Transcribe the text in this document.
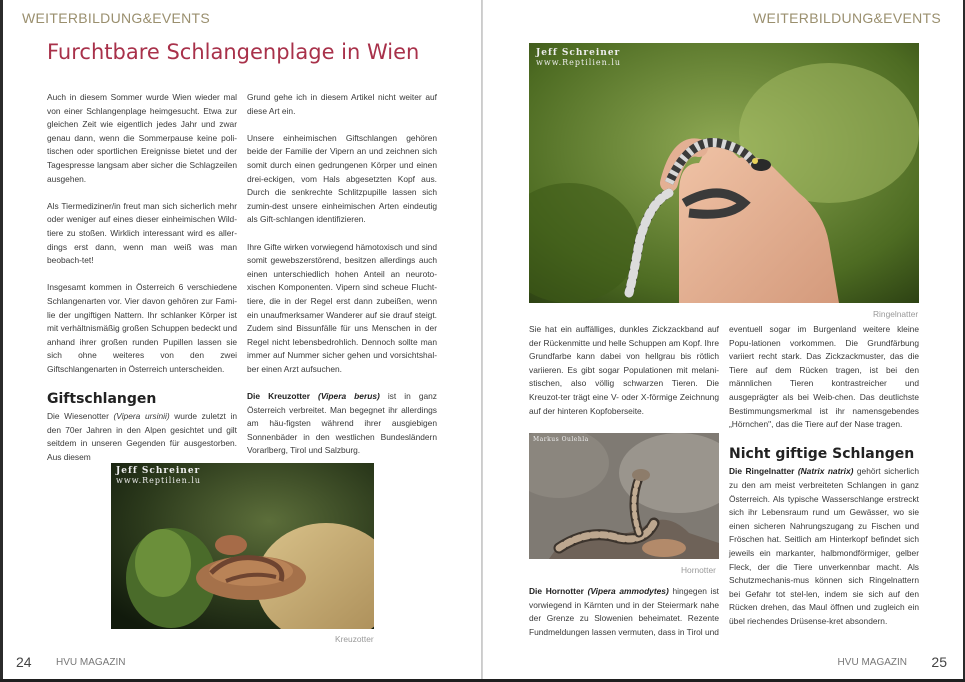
WEITERBILDUNG&EVENTS	WEITERBILDUNG&EVENTS
Furchtbare Schlangenplage in Wien

Auch in diesem Sommer wurde Wien wieder mal von einer Schlangenplage heimgesucht. Etwa zur gleichen Zeit wie eigentlich jedes Jahr und zwar genau dann, wenn die Sommerpause keine poli-tischen oder sportlichen Ereignisse bietet und der Tagespresse langsam aber sicher die Schlagzeilen ausgehen.

Als Tiermediziner/in freut man sich sicherlich mehr oder weniger auf eines dieser einheimischen Wild-tiere zu stoßen. Wirklich interessant wird es aller-dings erst dann, wenn man weiß was man beobach-tet!

Insgesamt kommen in Österreich 6 verschiedene Schlangenarten vor. Vier davon gehören zur Fami-lie der ungiftigen Nattern. Ihr schlanker Körper ist mit verhältnismäßig großen Schuppen bedeckt und anhand ihrer großen runden Pupillen lassen sie sich ohne weiteres von den zwei Giftschlangenarten in Österreich unterscheiden.

Giftschlangen

Die Wiesenotter (Vipera ursinii) wurde zuletzt in den 70er Jahren in den Alpen gesichtet und gilt seitdem in unseren Gegenden für ausgestorben. Aus diesem

Grund gehe ich in diesem Artikel nicht weiter auf diese Art ein.

Unsere einheimischen Giftschlangen gehören beide der Familie der Vipern an und zeichnen sich somit durch einen gedrungenen Körper und einen drei-eckigen, vom Hals abgesetzten Kopf aus. Durch die senkrechte Schlitzpupille lassen sich zumin-dest unsere einheimischen Arten eindeutig als Gift-schlangen identifizieren.

Ihre Gifte wirken vorwiegend hämotoxisch und sind somit gewebszerstörend, besitzen allerdings auch einen unterschiedlich hohen Anteil an neuroto-xischen Komponenten. Vipern sind scheue Flucht-tiere, die in der Regel erst dann zubeißen, wenn ein unaufmerksamer Wanderer auf sie drauf steigt. Zudem sind Bissunfälle für uns Menschen in der Regel nicht lebensbedrohlich. Dennoch sollte man immer auf Nummer sicher gehen und vorsichtshal-ber einen Arzt aufsuchen.

Die Kreuzotter (Vipera berus) ist in ganz Österreich verbreitet. Man begegnet ihr allerdings am häu-figsten während ihrer ausgiebigen Sonnenbäder in den westlichen Bundesländern Vorarlberg, Tirol und Salzburg.

Jeff Schreiner
www.Reptilien.lu
Kreuzotter
Jeff Schreiner
www.Reptilien.lu
Ringelnatter

Sie hat ein auffälliges, dunkles Zickzackband auf der Rückenmitte und helle Schuppen am Kopf. Ihre Grundfarbe kann dabei von hellgrau bis rötlich variieren. Es gibt sogar Populationen mit melani-stischen, also völlig schwarzen Tieren. Die Kreuzot-ter trägt eine V- oder X-förmige Zeichnung auf der hinteren Kopfoberseite.

Markus Oulehla
Hornotter

Die Hornotter (Vipera ammodytes) hingegen ist vorwiegend in Kärnten und in der Steiermark nahe der Grenze zu Slowenien beheimatet. Rezente Fundmeldungen lassen vermuten, dass in Tirol und

eventuell sogar im Burgenland weitere kleine Popu-lationen vorkommen. Die Grundfärbung variiert recht stark. Das Zickzackmuster, das die Tiere auf dem Rücken tragen, ist bei den männlichen Tieren kontrastreicher und ausgeprägter als bei Weib-chen. Das deutlichste Bestimmungsmerkmal ist ihr namensgebendes „Hörnchen", das die Tiere auf der Nase tragen.

Nicht giftige Schlangen

Die Ringelnatter (Natrix natrix) gehört sicherlich zu den am meist verbreiteten Schlangen in ganz Österreich. Als typische Wasserschlange erstreckt sich ihr Lebensraum rund um Gewässer, wo sie einen sicheren Nahrungszugang zu Fischen und Fröschen hat. Seitlich am Hinterkopf befindet sich jeweils ein markanter, halbmondförmiger, gelber Fleck, der die Tiere unverkennbar macht. Als Schutzmechanis-mus können sich Ringelnattern bei Gefahr tot stel-len, indem sie sich auf den Rücken drehen, das Maul öffnen und zugleich ein übel riechendes Drüsense-kret absondern.

24 HVU MAGAZIN	HVU MAGAZIN 25
